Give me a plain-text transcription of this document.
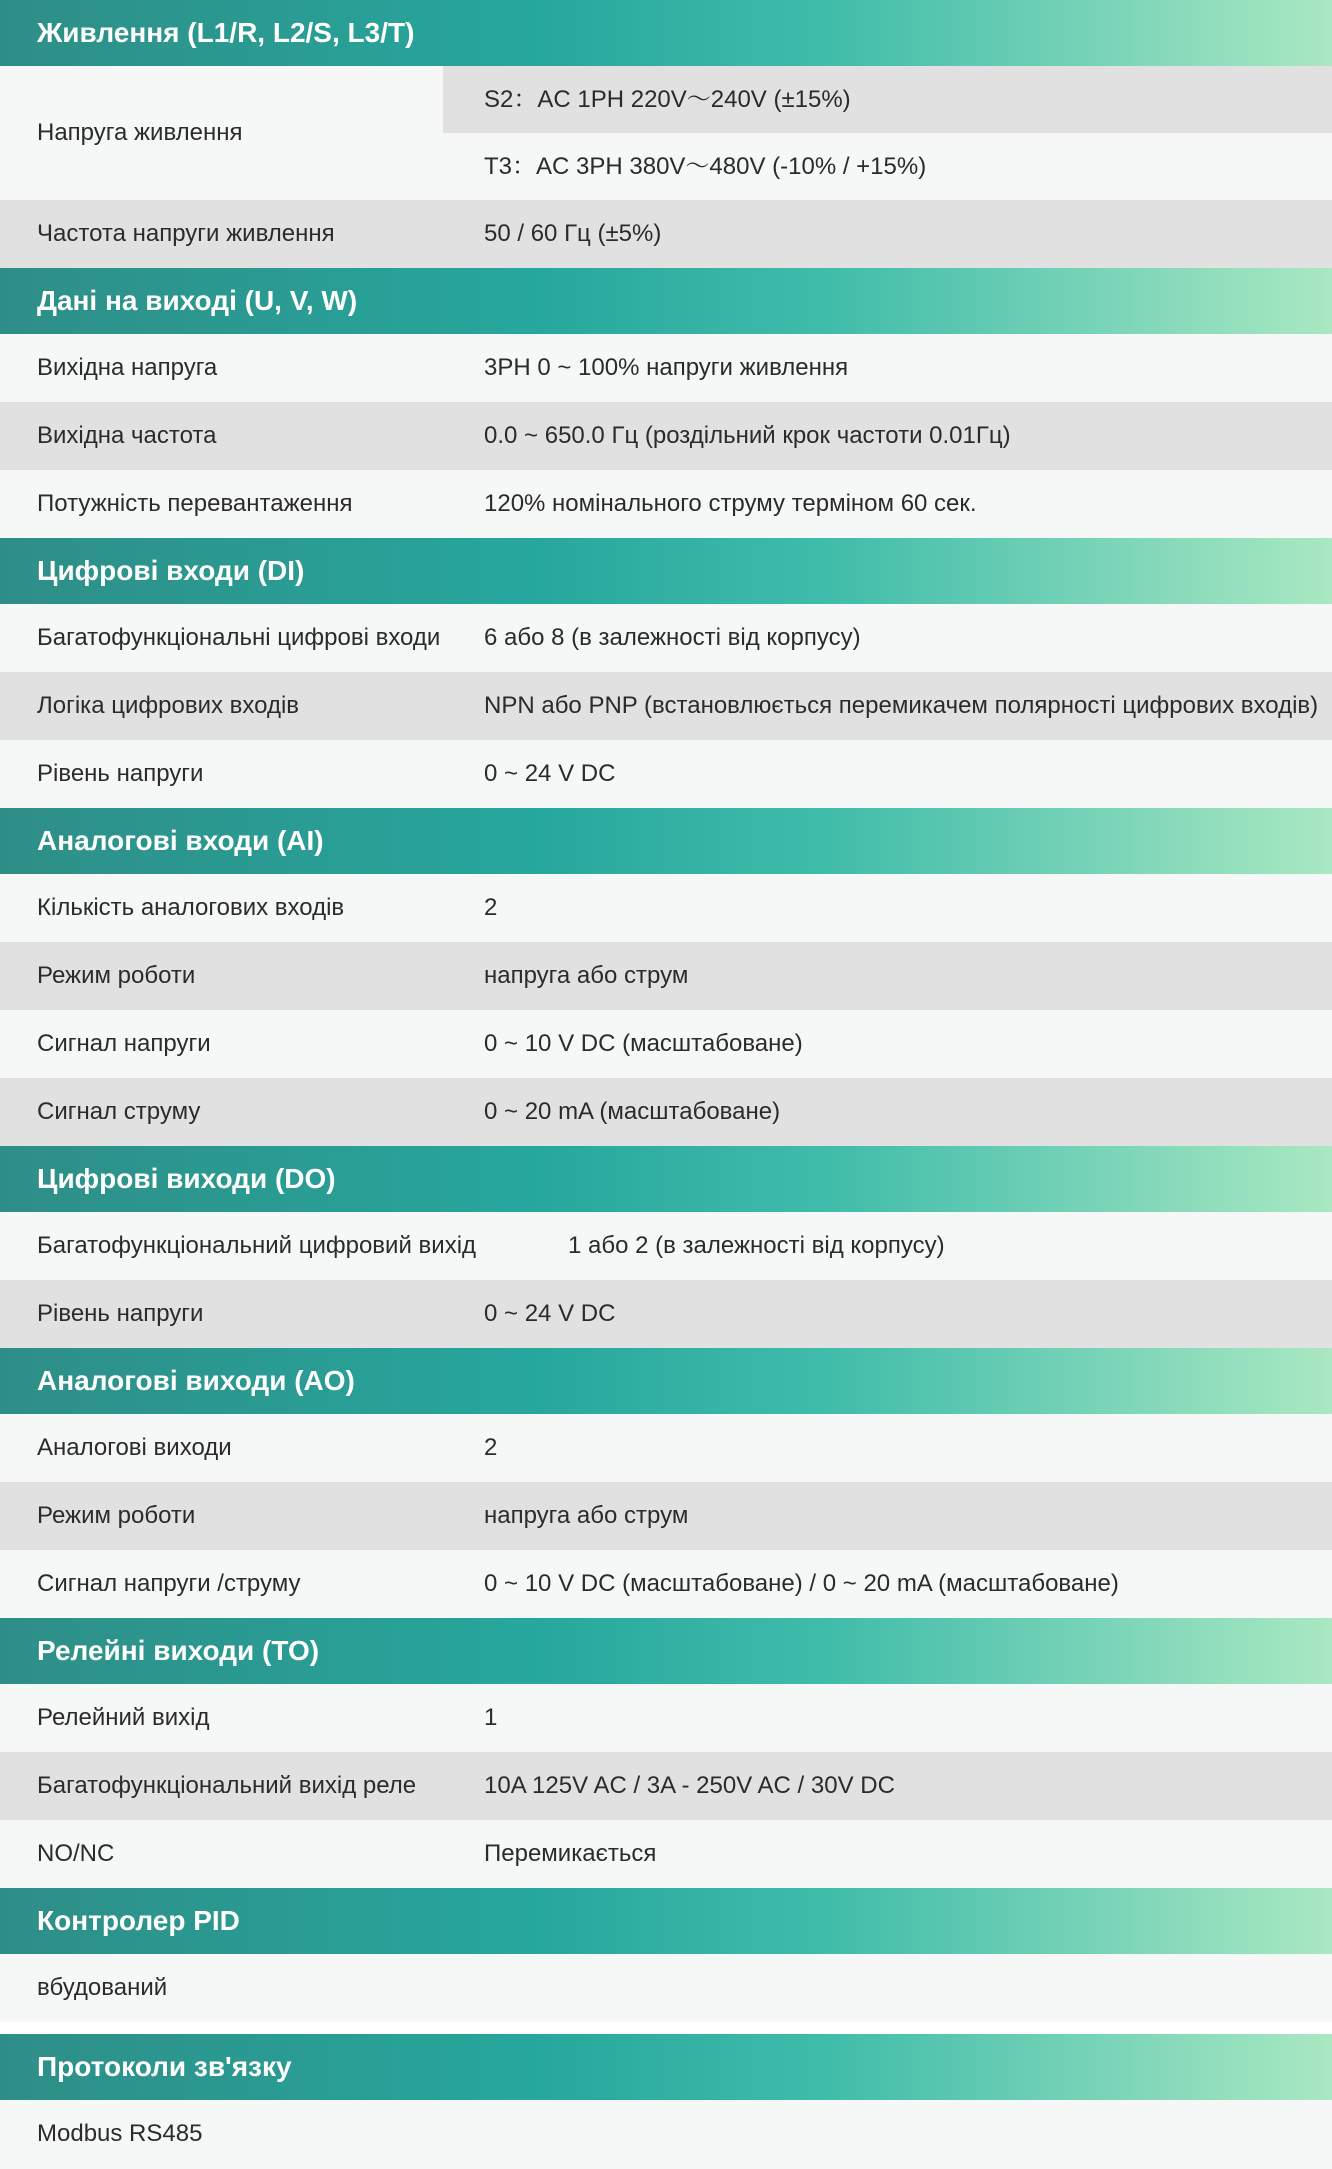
Живлення (L1/R, L2/S, L3/T)
Напруга живлення
S2：AC 1PH 220V～240V (±15%)
T3：AC 3PH 380V～480V (-10% / +15%)
Частота напруги живлення	50 / 60 Гц (±5%)
Дані на виході (U, V, W)
Вихідна напруга	3PH 0 ~ 100% напруги живлення
Вихідна частота	0.0 ~ 650.0 Гц (роздільний крок частоти 0.01Гц)
Потужність перевантаження	120% номінального струму терміном 60 сек.
Цифрові входи (DI)
Багатофункціональні цифрові входи 6 або 8 (в залежності від корпусу)
Логіка цифрових входів	NPN або PNP (встановлюється перемикачем полярності цифрових входів)
Рівень напруги	0 ~ 24 V DC
Аналогові входи (AI)
Кількість аналогових входів	2
Режим роботи	напруга або струм
Сигнал напруги	0 ~ 10 V DC (масштабоване)
Сигнал струму	0 ~ 20 mA (масштабоване)
Цифрові виходи (DO)
Багатофункціональний цифровий вихід	1 або 2 (в залежності від корпусу)
Рівень напруги	0 ~ 24 V DC
Аналогові виходи (AO)
Аналогові виходи	2
Режим роботи	напруга або струм
Сигнал напруги /струму	0 ~ 10 V DC (масштабоване) / 0 ~ 20 mA (масштабоване)
Релейні виходи (TO)
Релейний вихід	1
Багатофункціональний вихід реле	10A 125V AC / 3A - 250V AC / 30V DC
NO/NC	Перемикається
Контролер PID
вбудований
Протоколи зв'язку
Modbus RS485
